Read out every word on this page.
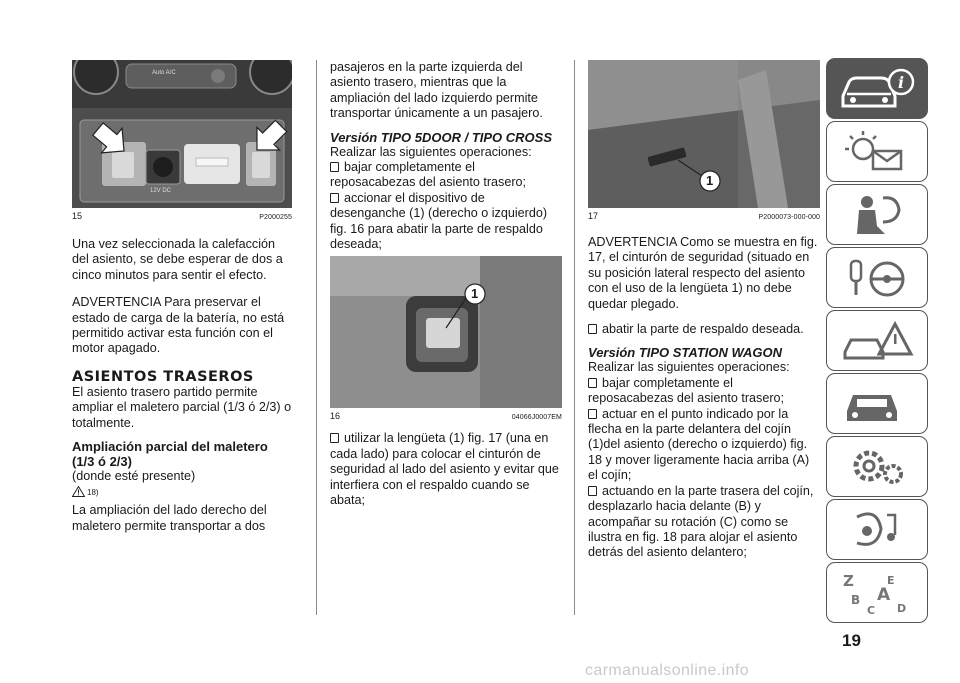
Auto A/C
12V DC
15	P2000255

Una vez seleccionada la calefacción del asiento, se debe esperar de dos a cinco minutos para sentir el efecto.

ADVERTENCIA Para preservar el estado de carga de la batería, no está permitido activar esta función con el motor apagado.

ASIENTOS TRASEROS

El asiento trasero partido permite ampliar el maletero parcial (1/3 ó 2/3) o totalmente.

Ampliación parcial del maletero (1/3 ó 2/3)

(donde esté presente)

18)

La ampliación del lado derecho del maletero permite transportar a dos

pasajeros en la parte izquierda del asiento trasero, mientras que la ampliación del lado izquierdo permite transportar únicamente a un pasajero.

Versión TIPO 5DOOR / TIPO CROSS

Realizar las siguientes operaciones:

bajar completamente el reposacabezas del asiento trasero;

accionar el dispositivo de desenganche (1) (derecho o izquierdo) fig. 16 para abatir la parte de respaldo deseada;

1
16	04066J0007EM

utilizar la lengüeta (1) fig. 17 (una en cada lado) para colocar el cinturón de seguridad al lado del asiento y evitar que interfiera con el respaldo cuando se abata;

1
17	P2000073-000-000

ADVERTENCIA Como se muestra en fig. 17, el cinturón de seguridad (situado en su posición lateral respecto del asiento con el uso de la lengüeta 1) no debe quedar plegado.

abatir la parte de respaldo deseada.

Versión TIPO STATION WAGON

Realizar las siguientes operaciones:

bajar completamente el reposacabezas del asiento trasero;

actuar en el punto indicado por la flecha en la parte delantera del cojín (1)del asiento (derecho o izquierdo) fig. 18 y mover ligeramente hacia arriba (A) el cojín;

actuando en la parte trasera del cojín, desplazarlo hacia delante (B) y acompañar su rotación (C) como se ilustra en fig. 18 para alojar el asiento detrás del asiento delantero;

i
Z	E
B A
C D
19
carmanualsonline.info
